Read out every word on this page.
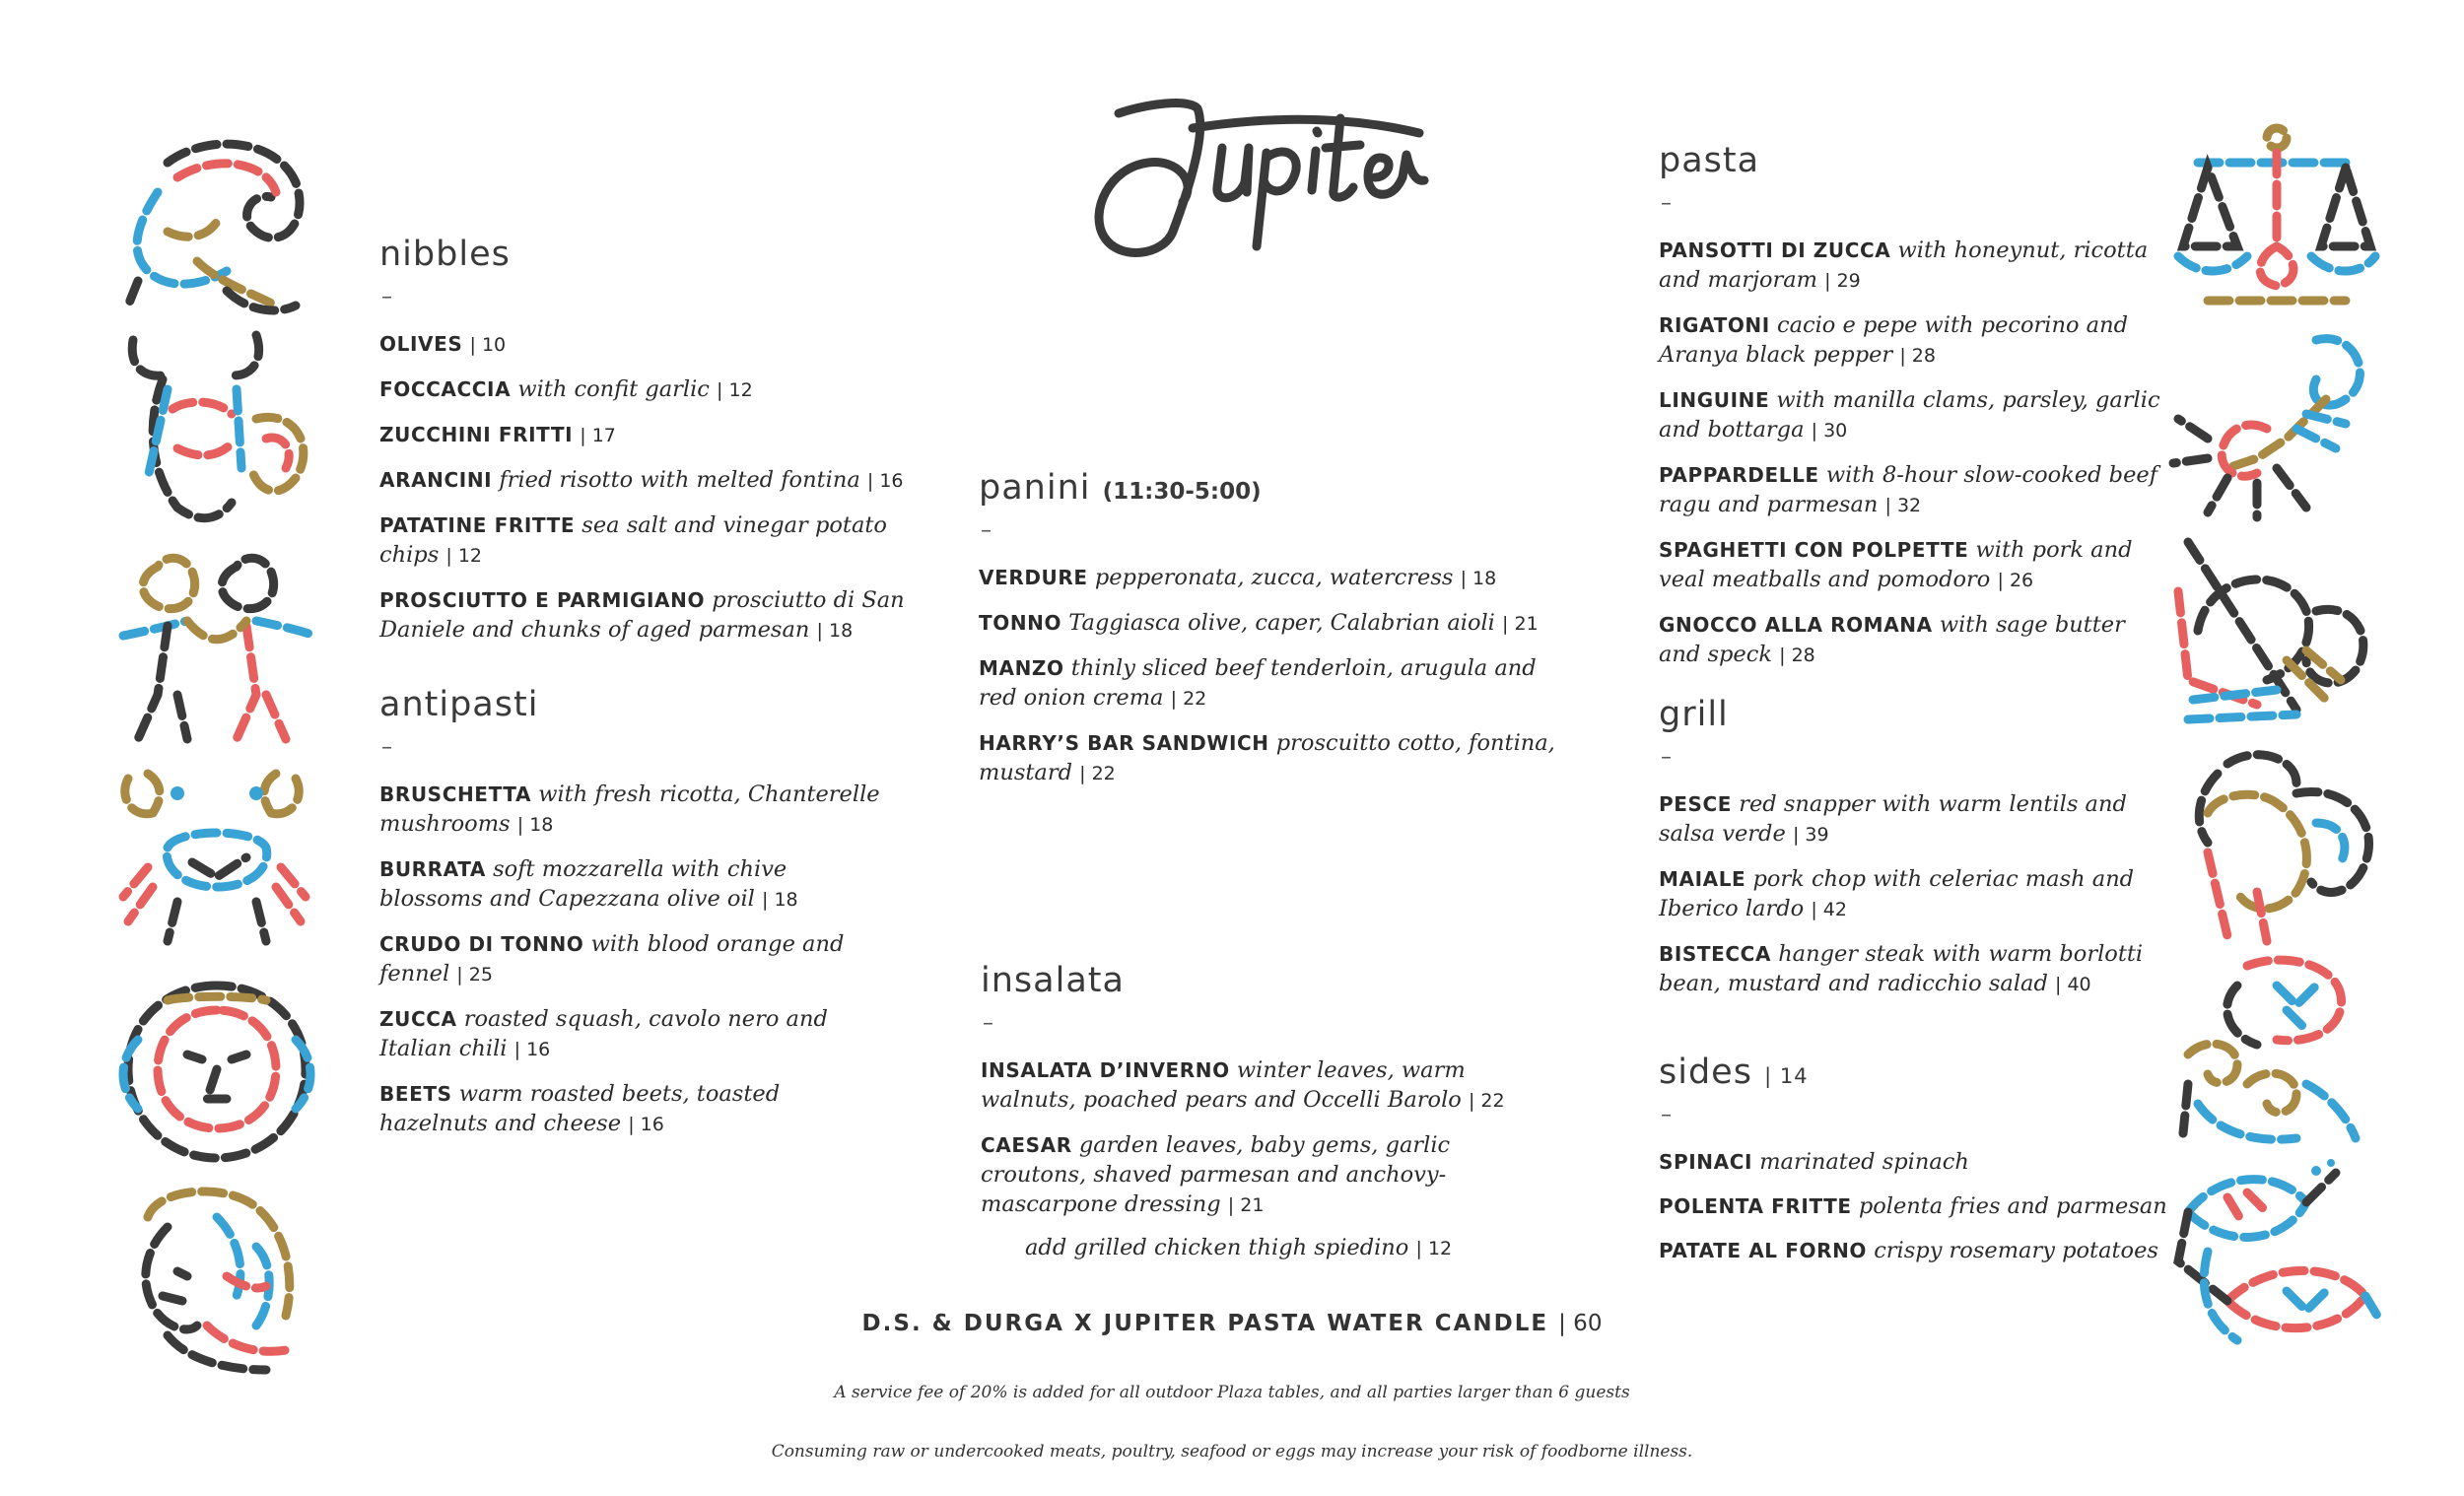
nibbles
–
OLIVES | 10
FOCCACCIA with confit garlic | 12
ZUCCHINI FRITTI | 17
ARANCINI fried risotto with melted fontina | 16
PATATINE FRITTE sea salt and vinegar potato chips | 12
PROSCIUTTO E PARMIGIANO prosciutto di San Daniele and chunks of aged parmesan | 18
antipasti
–
BRUSCHETTA with fresh ricotta, Chanterelle mushrooms | 18
BURRATA soft mozzarella with chive blossoms and Capezzana olive oil | 18
CRUDO DI TONNO with blood orange and fennel | 25
ZUCCA roasted squash, cavolo nero and Italian chili | 16
BEETS warm roasted beets, toasted hazelnuts and cheese | 16
panini (11:30-5:00)
–
VERDURE pepperonata, zucca, watercress | 18
TONNO Taggiasca olive, caper, Calabrian aioli | 21
MANZO thinly sliced beef tenderloin, arugula and red onion crema | 22
HARRY’S BAR SANDWICH proscuitto cotto, fontina, mustard | 22
insalata
–
INSALATA D’INVERNO winter leaves, warm walnuts, poached pears and Occelli Barolo | 22
CAESAR garden leaves, baby gems, garlic croutons, shaved parmesan and anchovy-mascarpone dressing | 21
add grilled chicken thigh spiedino | 12
pasta
–
PANSOTTI DI ZUCCA with honeynut, ricotta and marjoram | 29
RIGATONI cacio e pepe with pecorino and Aranya black pepper | 28
LINGUINE with manilla clams, parsley, garlic and bottarga | 30
PAPPARDELLE with 8-hour slow-cooked beef ragu and parmesan | 32
SPAGHETTI CON POLPETTE with pork and veal meatballs and pomodoro | 26
GNOCCO ALLA ROMANA with sage butter and speck | 28
grill
–
PESCE red snapper with warm lentils and salsa verde | 39
MAIALE pork chop with celeriac mash and Iberico lardo | 42
BISTECCA hanger steak with warm borlotti bean, mustard and radicchio salad | 40
sides | 14
–
SPINACI marinated spinach
POLENTA FRITTE polenta fries and parmesan
PATATE AL FORNO crispy rosemary potatoes
D.S. & DURGA X JUPITER PASTA WATER CANDLE | 60
A service fee of 20% is added for all outdoor Plaza tables, and all parties larger than 6 guests
Consuming raw or undercooked meats, poultry, seafood or eggs may increase your risk of foodborne illness.
